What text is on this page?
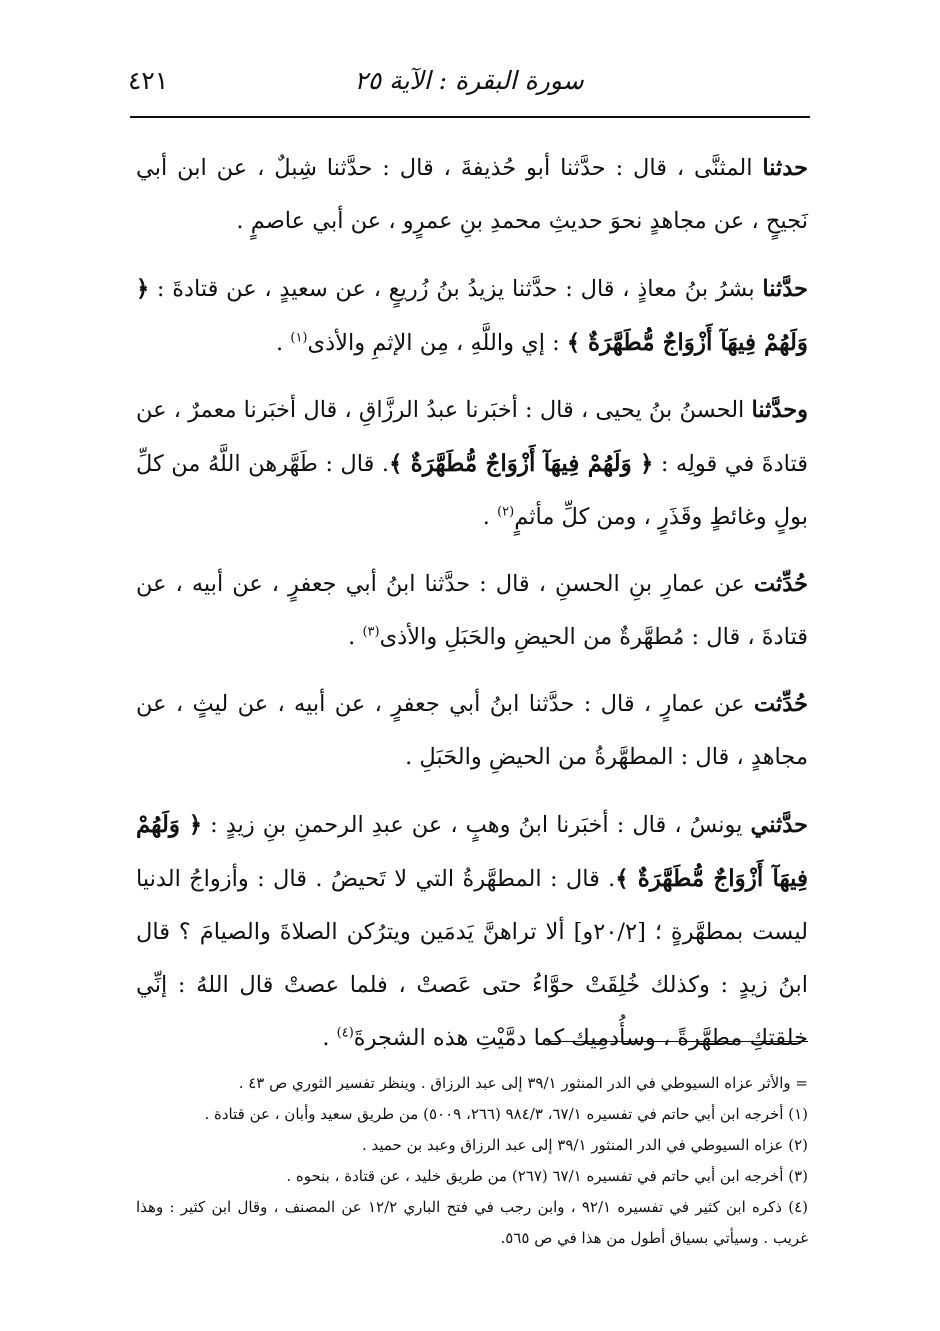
سورة البقرة : الآية ٢٥
٤٢١

حدثنا المثنَّى ، قال : حدَّثنا أبو حُذيفةَ ، قال : حدَّثنا شِبلٌ ، عن ابن أبي نَجيحٍ ، عن مجاهدٍ نحوَ حديثِ محمدِ بنِ عمرٍو ، عن أبي عاصمٍ .

حدَّثنا بشرُ بنُ معاذٍ ، قال : حدَّثنا يزيدُ بنُ زُريعٍ ، عن سعيدٍ ، عن قتادةَ : ﴿ وَلَهُمْ فِيهَآ أَزْوَاجٌ مُّطَهَّرَةٌ ﴾ : إي واللَّهِ ، مِن الإثمِ والأذى$^{(١)}$ .

وحدَّثنا الحسنُ بنُ يحيى ، قال : أخبَرنا عبدُ الرزَّاقِ ، قال أخبَرنا معمرٌ ، عن قتادةَ في قولِه : ﴿ وَلَهُمْ فِيهَآ أَزْوَاجٌ مُّطَهَّرَةٌ ﴾. قال : طَهَّرهن اللَّهُ من كلِّ بولٍ وغائطٍ وقَذَرٍ ، ومن كلِّ مأثمٍ$^{(٢)}$ .

حُدِّثت عن عمارِ بنِ الحسنِ ، قال : حدَّثنا ابنُ أبي جعفرٍ ، عن أبيه ، عن قتادةَ ، قال : مُطهَّرةٌ من الحيضِ والحَبَلِ والأذى$^{(٣)}$ .

حُدِّثت عن عمارٍ ، قال : حدَّثنا ابنُ أبي جعفرٍ ، عن أبيه ، عن ليثٍ ، عن مجاهدٍ ، قال : المطهَّرةُ من الحيضِ والحَبَلِ .

حدَّثني يونسُ ، قال : أخبَرنا ابنُ وهبٍ ، عن عبدِ الرحمنِ بنِ زيدٍ : ﴿ وَلَهُمْ فِيهَآ أَزْوَاجٌ مُّطَهَّرَةٌ ﴾. قال : المطهَّرةُ التي لا تَحيضُ . قال : وأزواجُ الدنيا ليست بمطهَّرةٍ ؛ [٢٠/٢و] ألا تراهنَّ يَدمَين ويترُكن الصلاةَ والصيامَ ؟ قال ابنُ زيدٍ : وكذلك خُلِقَتْ حوَّاءُ حتى عَصتْ ، فلما عصتْ قال اللهُ : إنِّي خلقتكِ مطهَّرةً ، وسأُدمِيك كما دمَّيْتِ هذه الشجرةَ$^{(٤)}$ .

= والأثر عزاه السيوطي في الدر المنثور ٣٩/١ إلى عبد الرزاق . وينظر تفسير الثوري ص ٤٣ .

(١) أخرجه ابن أبي حاتم في تفسيره ٦٧/١، ٩٨٤/٣ (٢٦٦، ٥٠٠٩) من طريق سعيد وأبان ، عن قتادة .

(٢) عزاه السيوطي في الدر المنثور ٣٩/١ إلى عبد الرزاق وعبد بن حميد .

(٣) أخرجه ابن أبي حاتم في تفسيره ٦٧/١ (٢٦٧) من طريق خليد ، عن قتادة ، بنحوه .

(٤) ذكره ابن كثير في تفسيره ٩٢/١ ، وابن رجب في فتح الباري ١٢/٢ عن المصنف ، وقال ابن كثير : وهذا غريب . وسيأتي بسياق أطول من هذا في ص ٥٦٥.
